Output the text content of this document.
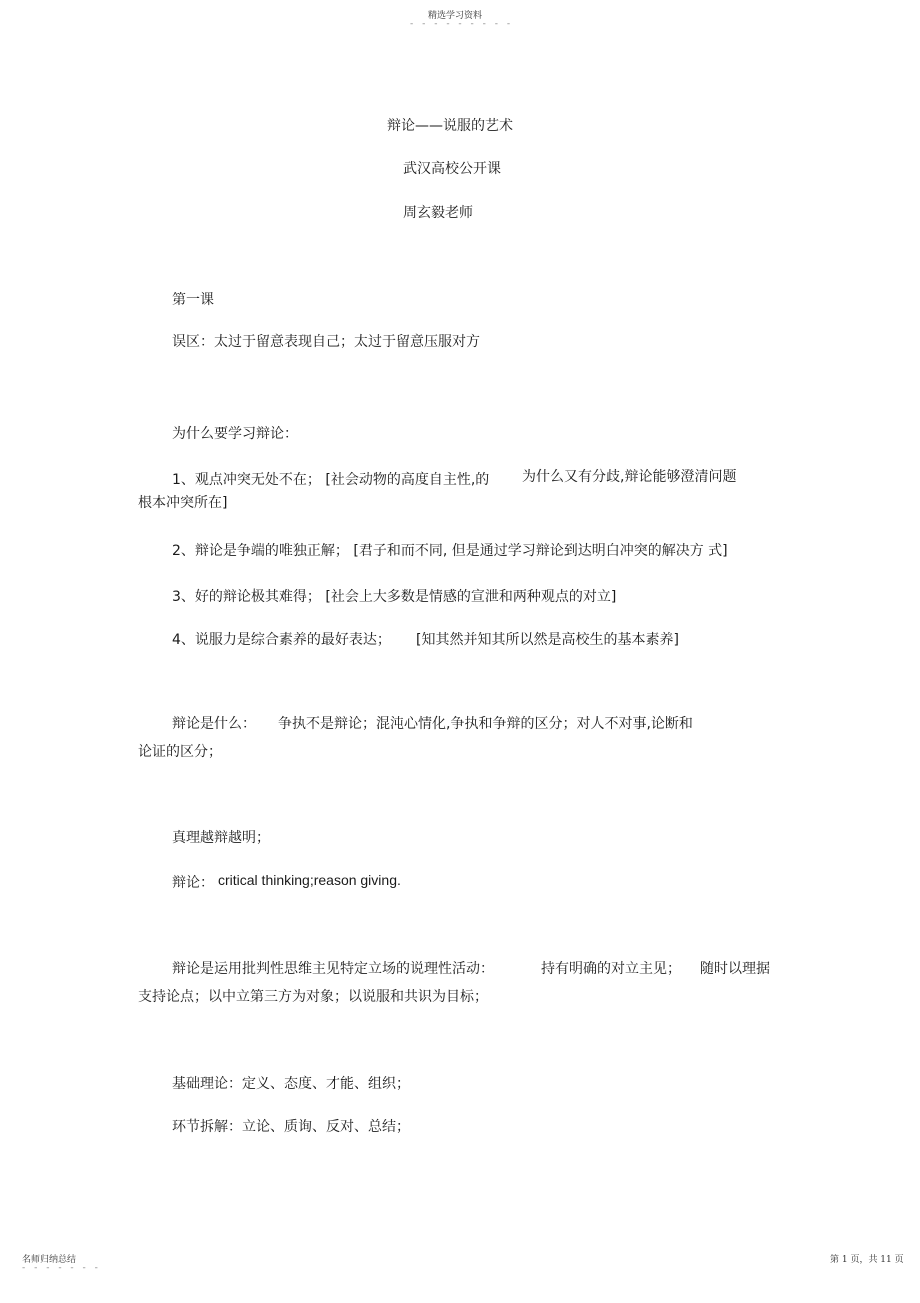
精选学习资料
- - - - - - - - -
辩论——说服的艺术
武汉高校公开课
周玄毅老师
第一课
误区：太过于留意表现自己；太过于留意压服对方
为什么要学习辩论：
1、观点冲突无处不在； [社会动物的高度自主性,的 为什么又有分歧,辩论能够澄清问题
根本冲突所在]
2、辩论是争端的唯独正解； [君子和而不同, 但是通过学习辩论到达明白冲突的解决方 式]
3、好的辩论极其难得； [社会上大多数是情感的宣泄和两种观点的对立]
4、说服力是综合素养的最好表达； [知其然并知其所以然是高校生的基本素养]
辩论是什么： 争执不是辩论；混沌心情化,争执和争辩的区分；对人不对事,论断和
论证的区分；
真理越辩越明；
辩论： critical thinking;reason giving.
辩论是运用批判性思维主见特定立场的说理性活动：	持有明确的对立主见； 随时以理据
支持论点；以中立第三方为对象；以说服和共识为目标；
基础理论：定义、态度、才能、组织；
环节拆解：立论、质询、反对、总结；
名师归纳总结
- - - - - - -
第 1 页，共 11 页
